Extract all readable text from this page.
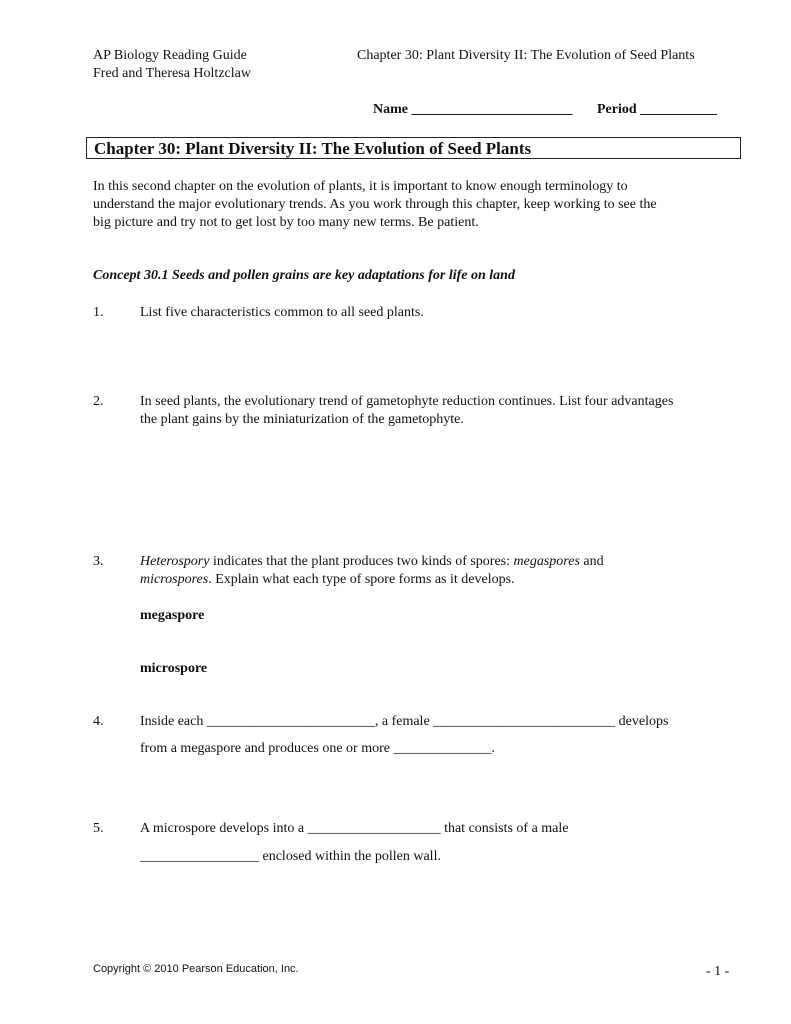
AP Biology Reading Guide
Fred and Theresa Holtzclaw
Chapter 30: Plant Diversity II: The Evolution of Seed Plants
Name _______________________ Period ___________
Chapter 30: Plant Diversity II: The Evolution of Seed Plants
In this second chapter on the evolution of plants, it is important to know enough terminology to
understand the major evolutionary trends. As you work through this chapter, keep working to see the
big picture and try not to get lost by too many new terms. Be patient.
Concept 30.1 Seeds and pollen grains are key adaptations for life on land
1.	List five characteristics common to all seed plants.
2.	In seed plants, the evolutionary trend of gametophyte reduction continues. List four advantages
the plant gains by the miniaturization of the gametophyte.
3.	Heterospory indicates that the plant produces two kinds of spores: megaspores and
microspores. Explain what each type of spore forms as it develops.
megaspore
microspore
4.	Inside each ________________________, a female __________________________ develops
from a megaspore and produces one or more ______________.
5.	A microspore develops into a ___________________ that consists of a male
_________________ enclosed within the pollen wall.
Copyright © 2010 Pearson Education, Inc.	- 1 -
